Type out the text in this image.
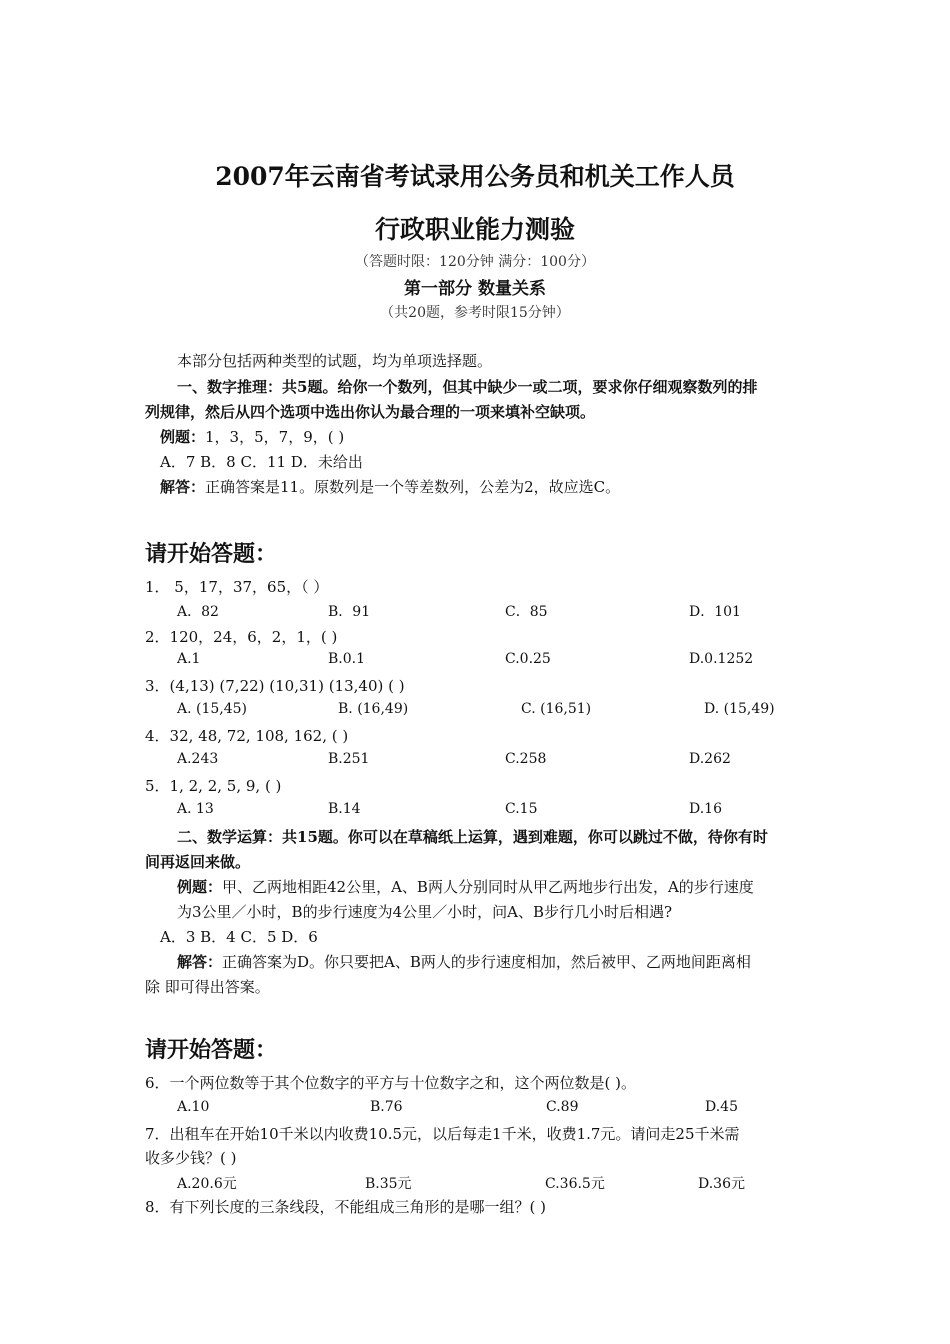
2007年云南省考试录用公务员和机关工作人员
行政职业能力测验
（答题时限：120分钟 满分：100分）
第一部分 数量关系
（共20题，参考时限15分钟）
本部分包括两种类型的试题，均为单项选择题。
一、数字推理：共5题。给你一个数列，但其中缺少一或二项，要求你仔细观察数列的排
列规律，然后从四个选项中选出你认为最合理的一项来填补空缺项。
例题：1，3，5，7，9，( )
A．7 B．8 C．11 D．未给出
解答：正确答案是11。原数列是一个等差数列，公差为2，故应选C。
请开始答题：
1． 5，17，37，65，（ ）
A．82	B．91	C．85	D．101
2．120，24，6，2，1，( )
A.1	B.0.1	C.0.25	D.0.1252
3．(4,13) (7,22) (10,31) (13,40) ( )
A. (15,45)	B. (16,49)	C. (16,51)	D. (15,49)
4．32, 48, 72, 108, 162, ( )
A.243	B.251	C.258	D.262
5．1, 2, 2, 5, 9, ( )
A. 13	B.14	C.15	D.16
二、数学运算：共15题。你可以在草稿纸上运算，遇到难题，你可以跳过不做，待你有时
间再返回来做。
例题：甲、乙两地相距42公里，A、B两人分别同时从甲乙两地步行出发，A的步行速度
为3公里／小时，B的步行速度为4公里／小时，问A、B步行几小时后相遇?
A．3 B．4 C．5 D．6
解答：正确答案为D。你只要把A、B两人的步行速度相加，然后被甲、乙两地间距离相
除 即可得出答案。
请开始答题：
6．一个两位数等于其个位数字的平方与十位数字之和，这个两位数是( )。
A.10	B.76	C.89	D.45
7．出租车在开始10千米以内收费10.5元，以后每走1千米，收费1.7元。请问走25千米需
收多少钱？( )
A.20.6元	B.35元	C.36.5元	D.36元
8．有下列长度的三条线段，不能组成三角形的是哪一组？( )
